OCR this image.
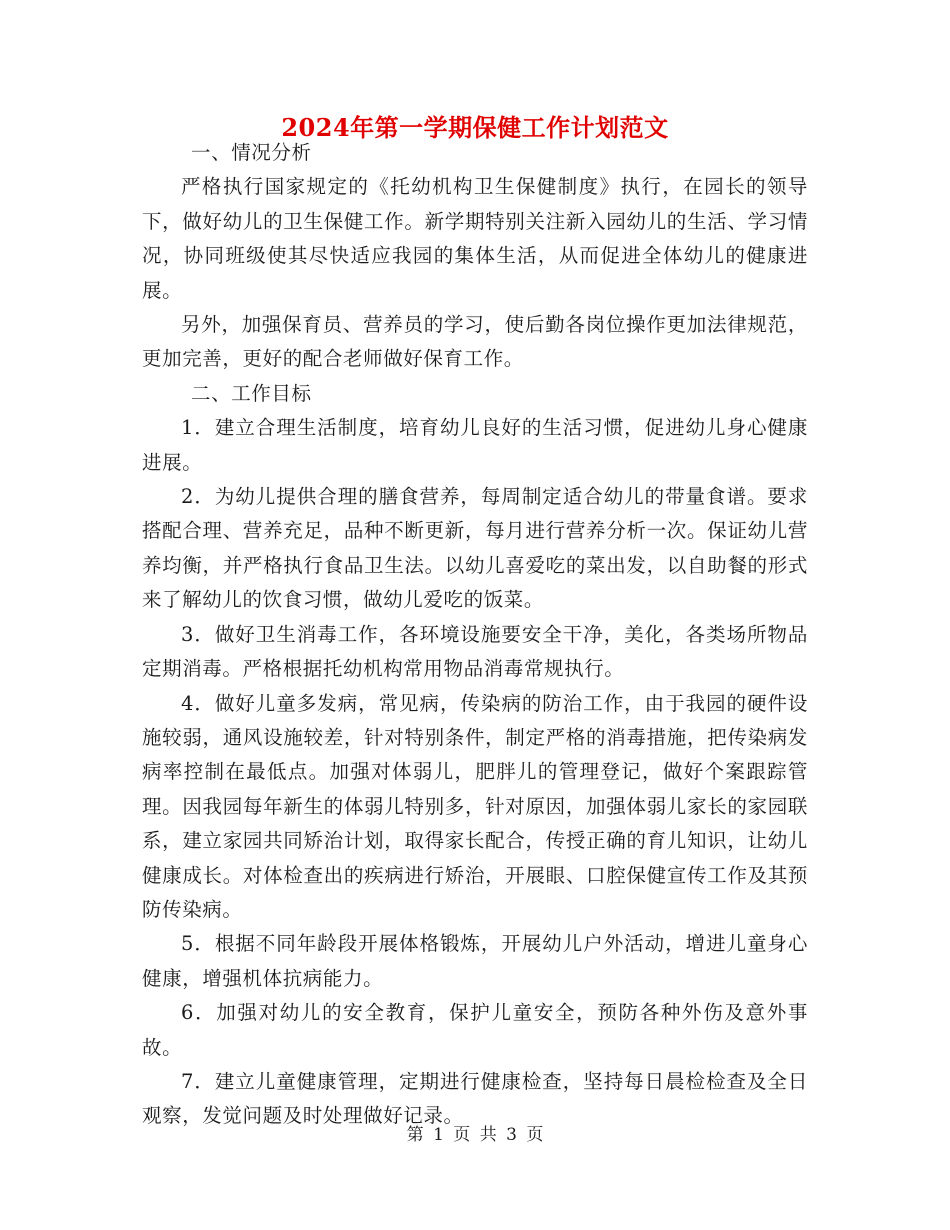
2024年第一学期保健工作计划范文

一、情况分析

严格执行国家规定的《托幼机构卫生保健制度》执行，在园长的领导下，做好幼儿的卫生保健工作。新学期特别关注新入园幼儿的生活、学习情况，协同班级使其尽快适应我园的集体生活，从而促进全体幼儿的健康进展。

另外，加强保育员、营养员的学习，使后勤各岗位操作更加法律规范，更加完善，更好的配合老师做好保育工作。

二、工作目标

1．建立合理生活制度，培育幼儿良好的生活习惯，促进幼儿身心健康进展。

2．为幼儿提供合理的膳食营养，每周制定适合幼儿的带量食谱。要求搭配合理、营养充足，品种不断更新，每月进行营养分析一次。保证幼儿营养均衡，并严格执行食品卫生法。以幼儿喜爱吃的菜出发，以自助餐的形式来了解幼儿的饮食习惯，做幼儿爱吃的饭菜。

3．做好卫生消毒工作，各环境设施要安全干净，美化，各类场所物品定期消毒。严格根据托幼机构常用物品消毒常规执行。

4．做好儿童多发病，常见病，传染病的防治工作，由于我园的硬件设施较弱，通风设施较差，针对特别条件，制定严格的消毒措施，把传染病发病率控制在最低点。加强对体弱儿，肥胖儿的管理登记，做好个案跟踪管理。因我园每年新生的体弱儿特别多，针对原因，加强体弱儿家长的家园联系，建立家园共同矫治计划，取得家长配合，传授正确的育儿知识，让幼儿健康成长。对体检查出的疾病进行矫治，开展眼、口腔保健宣传工作及其预防传染病。

5．根据不同年龄段开展体格锻炼，开展幼儿户外活动，增进儿童身心健康，增强机体抗病能力。

6．加强对幼儿的安全教育，保护儿童安全，预防各种外伤及意外事故。

7．建立儿童健康管理，定期进行健康检查，坚持每日晨检检查及全日观察，发觉问题及时处理做好记录。

第 1 页 共 3 页
